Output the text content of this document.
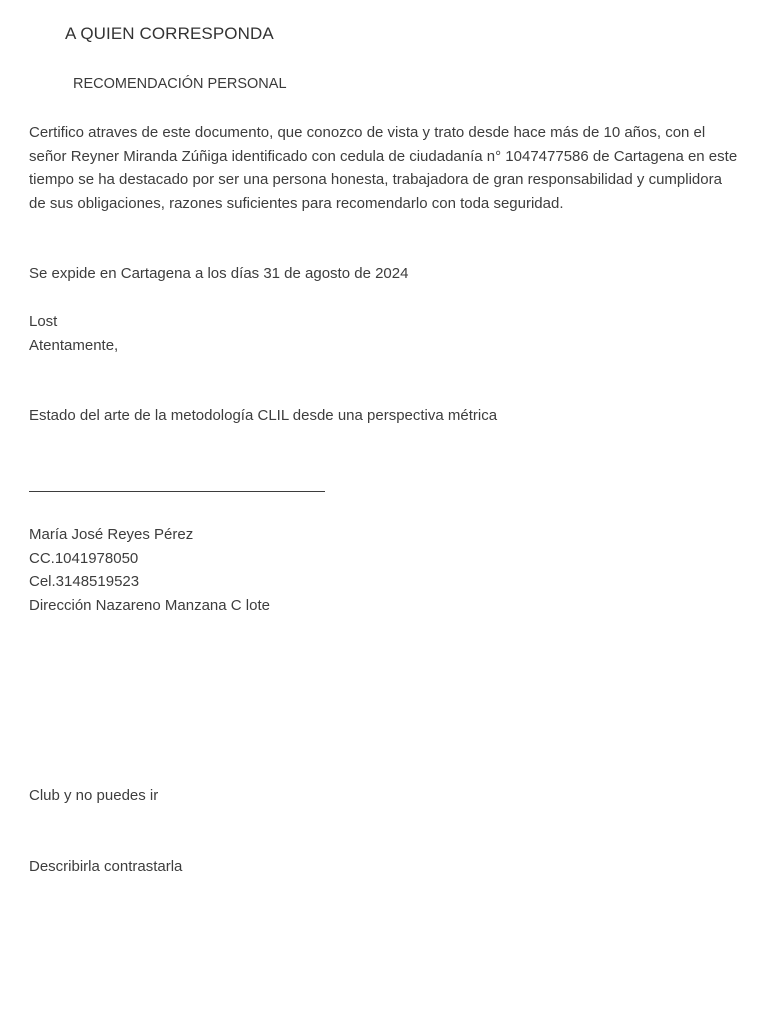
A QUIEN CORRESPONDA

RECOMENDACIÓN PERSONAL

Certifico atraves de este documento, que conozco de vista y trato desde hace más de 10 años, con el señor Reyner Miranda Zúñiga identificado con cedula de ciudadanía n° 1047477586 de Cartagena en este tiempo se ha destacado por ser una persona honesta, trabajadora de gran responsabilidad y cumplidora de sus obligaciones, razones suficientes para recomendarlo con toda seguridad.

Se expide en Cartagena a los días 31 de agosto de 2024

Lost

Atentamente,

Estado del arte de la metodología CLIL desde una perspectiva métrica

María José Reyes Pérez

CC.1041978050

Cel.3148519523

Dirección Nazareno Manzana C lote

Club y no puedes ir

Describirla contrastarla
